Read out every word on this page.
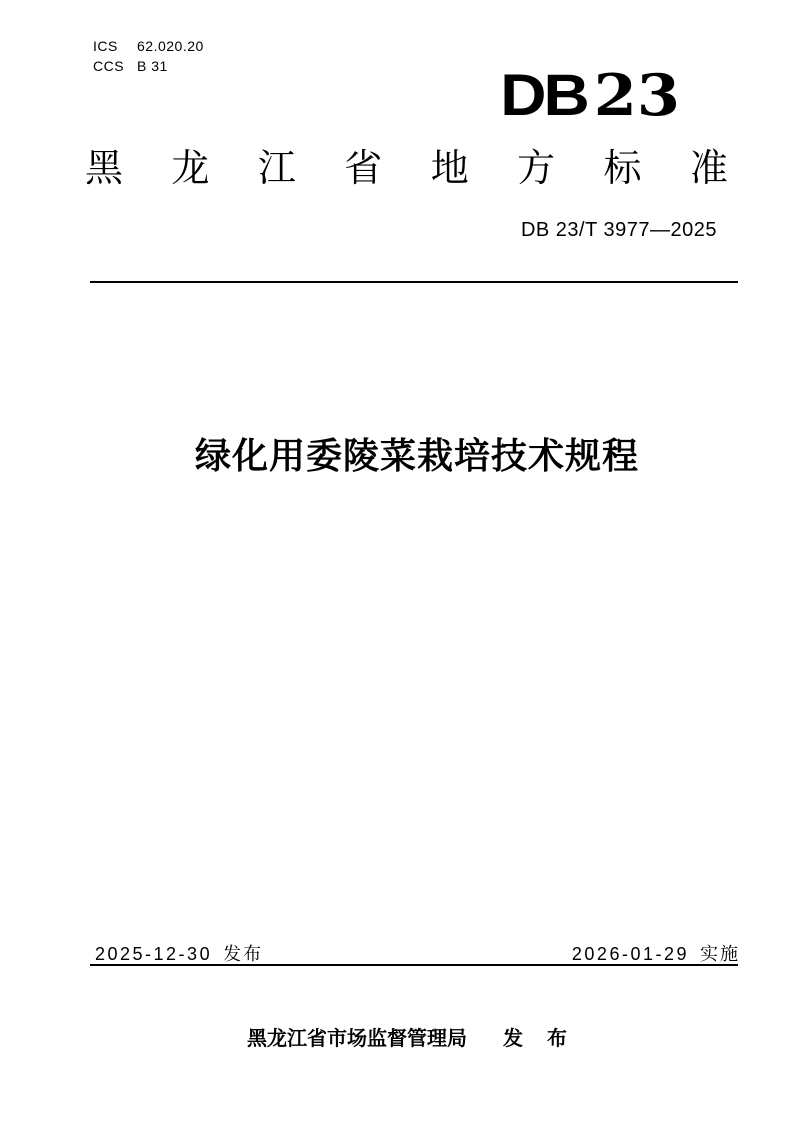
ICS	62.020.20
CCS B 31	DB 23
黑 龙 江 省 地 方 标 准
DB 23/T 3977—2025
绿化用委陵菜栽培技术规程
2025-12-30 发布	2026-01-29 实施
黑龙江省市场监督管理局 发　布
